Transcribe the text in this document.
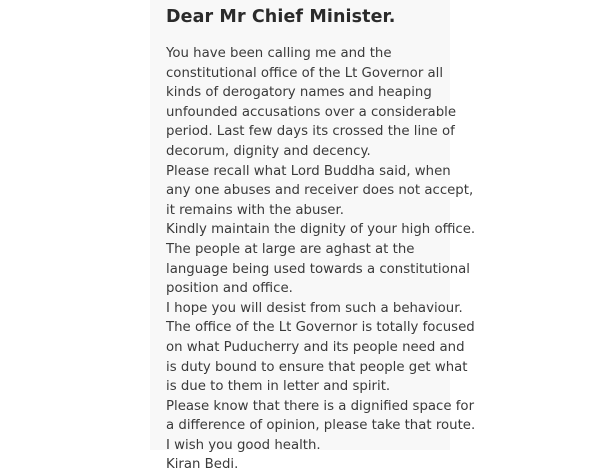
Dear Mr Chief Minister.
You have been calling me and the
constitutional office of the Lt Governor all
kinds of derogatory names and heaping
unfounded accusations over a considerable
period. Last few days its crossed the line of
decorum, dignity and decency.
Please recall what Lord Buddha said, when
any one abuses and receiver does not accept,
it remains with the abuser.
Kindly maintain the dignity of your high office.
The people at large are aghast at the
language being used towards a constitutional
position and office.
I hope you will desist from such a behaviour.
The office of the Lt Governor is totally focused
on what Puducherry and its people need and
is duty bound to ensure that people get what
is due to them in letter and spirit.
Please know that there is a dignified space for
a difference of opinion, please take that route.
I wish you good health.
Kiran Bedi.
